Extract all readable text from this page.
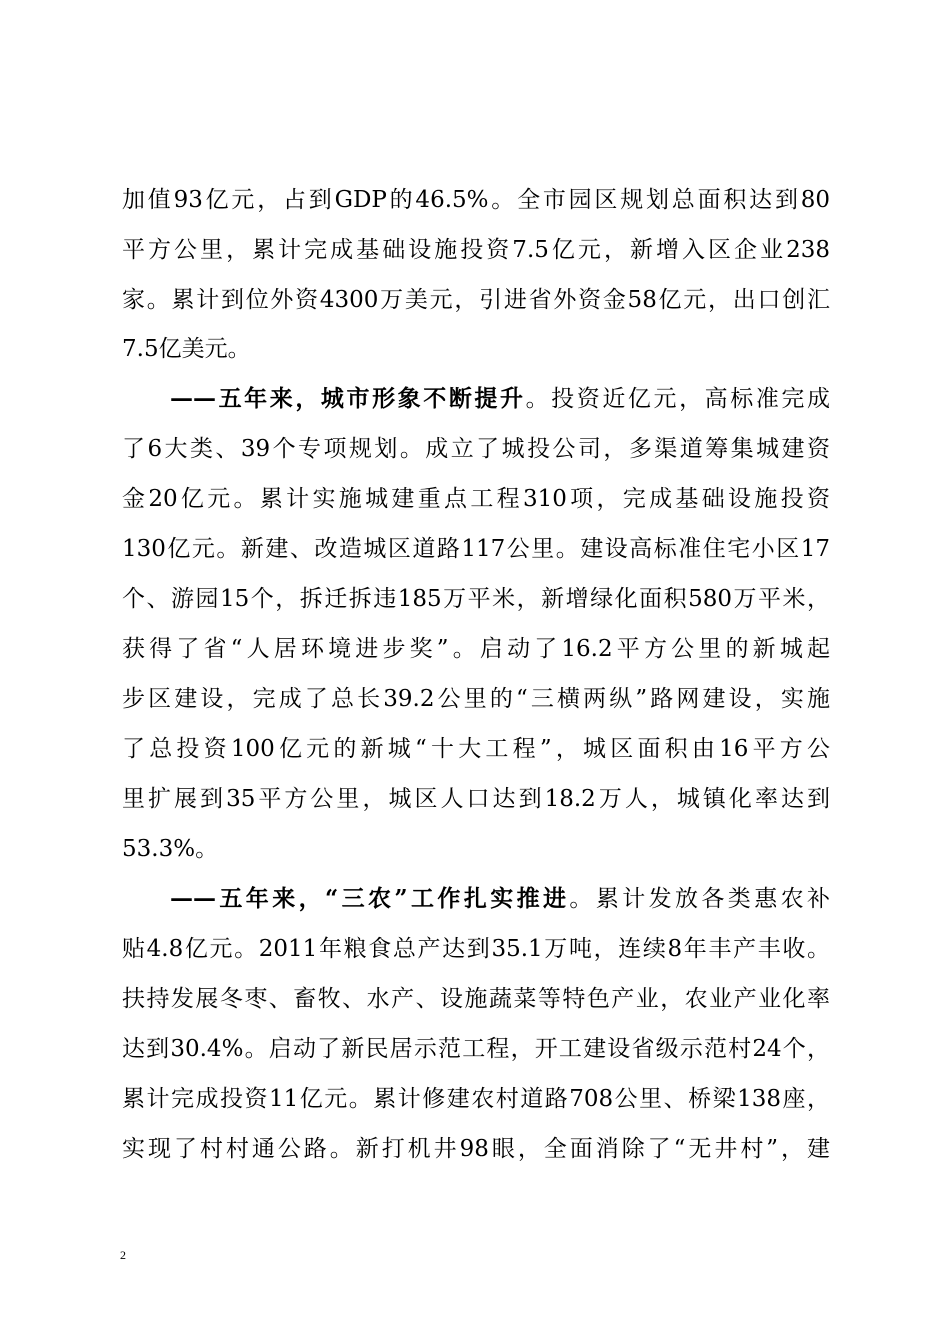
加值93亿元，占到GDP的46.5%。全市园区规划总面积达到80
平方公里，累计完成基础设施投资7.5亿元，新增入区企业238
家。累计到位外资4300万美元，引进省外资金58亿元，出口创汇
7.5亿美元。
——五年来，城市形象不断提升。投资近亿元，高标准完成
了6大类、39个专项规划。成立了城投公司，多渠道筹集城建资
金20亿元。累计实施城建重点工程310项，完成基础设施投资
130亿元。新建、改造城区道路117公里。建设高标准住宅小区17
个、游园15个，拆迁拆违185万平米，新增绿化面积580万平米，
获得了省“人居环境进步奖”。启动了16.2平方公里的新城起
步区建设，完成了总长39.2公里的“三横两纵”路网建设，实施
了总投资100亿元的新城“十大工程”，城区面积由16平方公
里扩展到35平方公里，城区人口达到18.2万人，城镇化率达到
53.3%。
——五年来，“三农”工作扎实推进。累计发放各类惠农补
贴4.8亿元。2011年粮食总产达到35.1万吨，连续8年丰产丰收。
扶持发展冬枣、畜牧、水产、设施蔬菜等特色产业，农业产业化率
达到30.4%。启动了新民居示范工程，开工建设省级示范村24个，
累计完成投资11亿元。累计修建农村道路708公里、桥梁138座，
实现了村村通公路。新打机井98眼，全面消除了“无井村”，建
2
